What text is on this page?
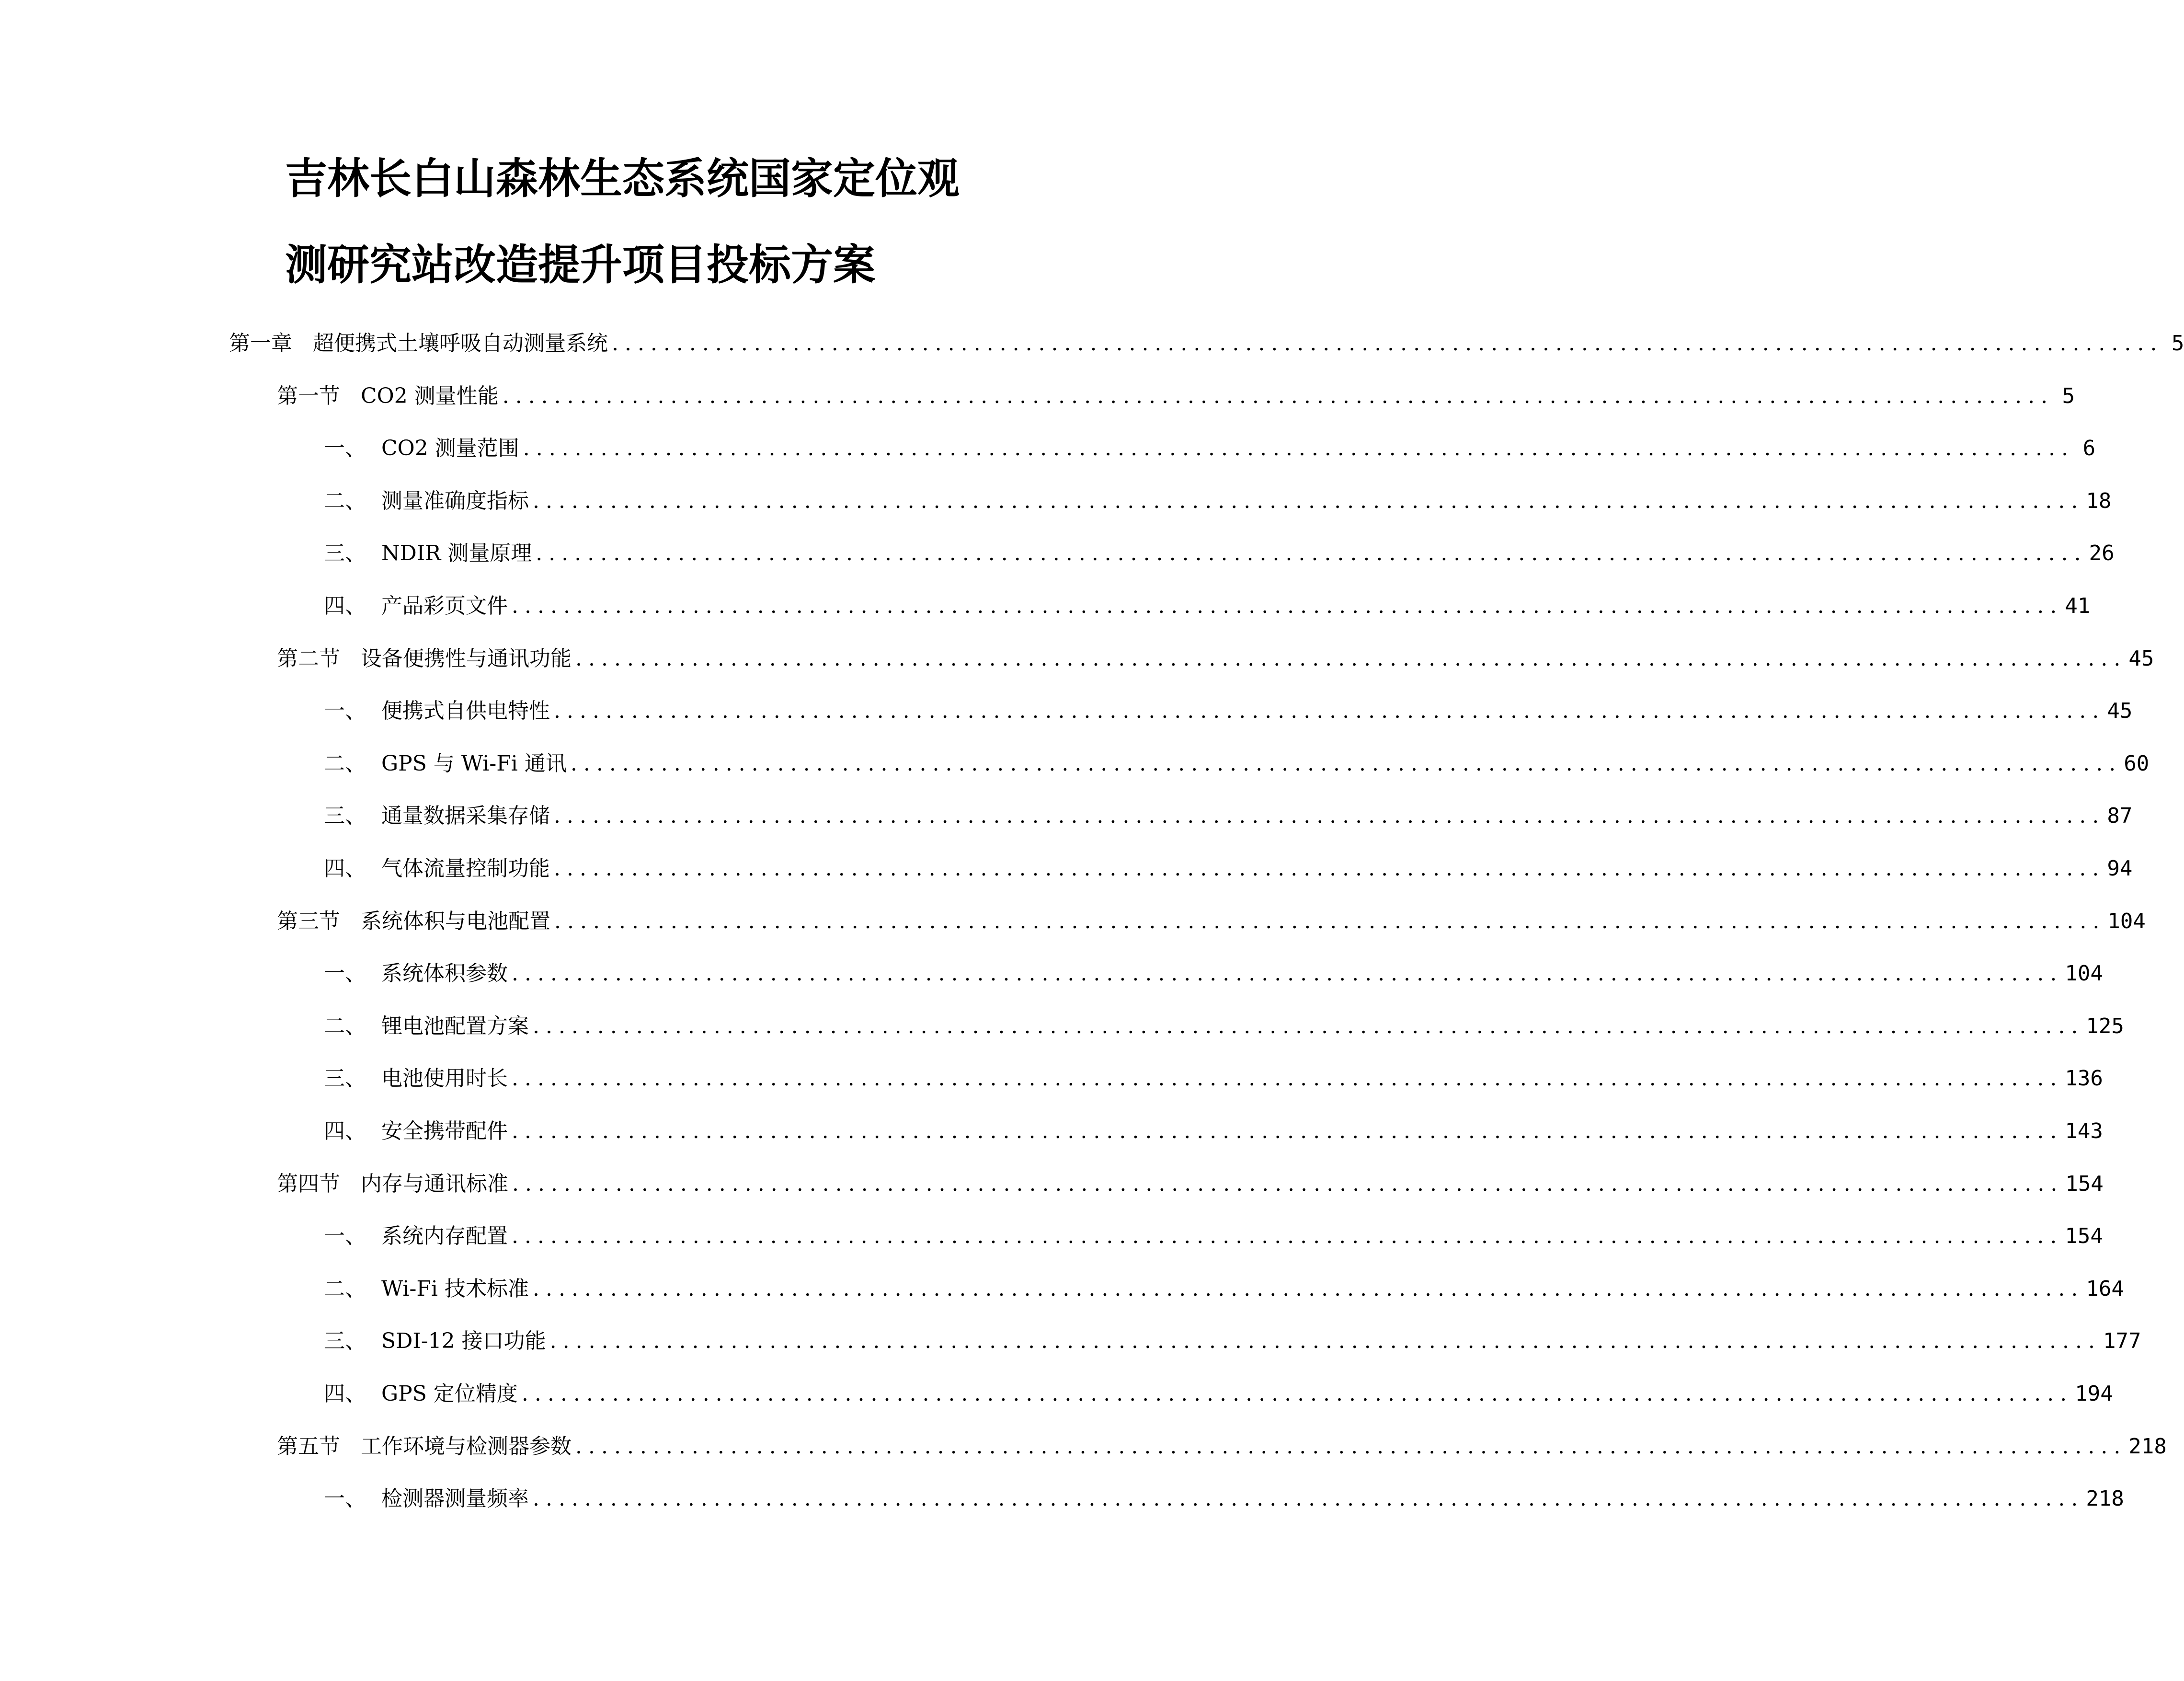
吉林长白山森林生态系统国家定位观
测研究站改造提升项目投标方案
第一章 超便携式土壤呼吸自动测量系统 ........................................................................................................................ 5
第一节 CO2 测量性能 ........................................................................................................................ 5
一、 CO2 测量范围 ........................................................................................................................ 6
二、 测量准确度指标 ........................................................................................................................ 18
三、 NDIR 测量原理 ........................................................................................................................ 26
四、 产品彩页文件 ........................................................................................................................ 41
第二节 设备便携性与通讯功能 ........................................................................................................................ 45
一、 便携式自供电特性 ........................................................................................................................ 45
二、 GPS 与 Wi-Fi 通讯 ........................................................................................................................ 60
三、 通量数据采集存储 ........................................................................................................................ 87
四、 气体流量控制功能 ........................................................................................................................ 94
第三节 系统体积与电池配置 ........................................................................................................................ 104
一、 系统体积参数 ........................................................................................................................ 104
二、 锂电池配置方案 ........................................................................................................................ 125
三、 电池使用时长 ........................................................................................................................ 136
四、 安全携带配件 ........................................................................................................................ 143
第四节 内存与通讯标准 ........................................................................................................................ 154
一、 系统内存配置 ........................................................................................................................ 154
二、 Wi-Fi 技术标准 ........................................................................................................................ 164
三、 SDI-12 接口功能 ........................................................................................................................ 177
四、 GPS 定位精度 ........................................................................................................................ 194
第五节 工作环境与检测器参数 ........................................................................................................................ 218
一、 检测器测量频率 ........................................................................................................................ 218
